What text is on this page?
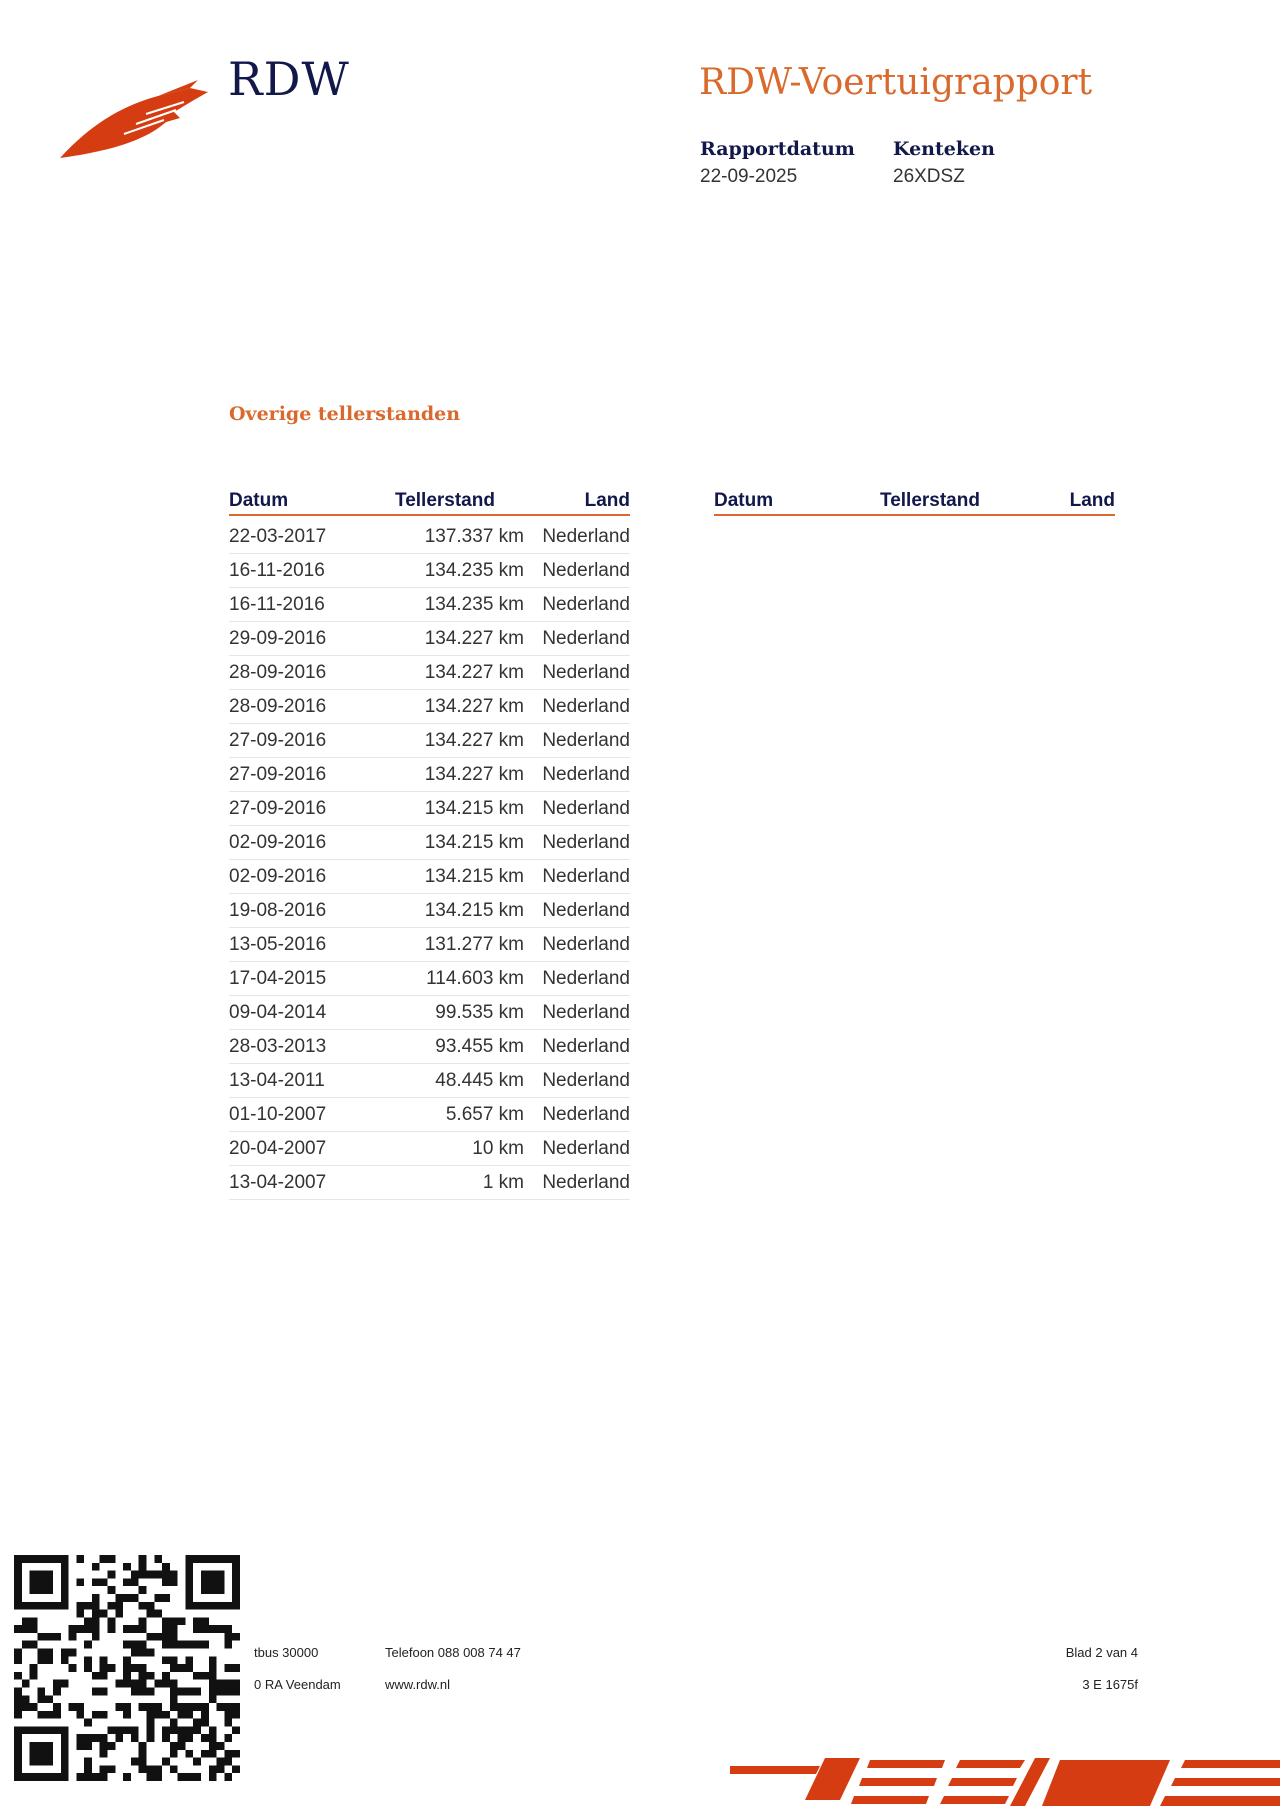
RDW	RDW-Voertuigrapport
Rapportdatum
22-09-2025
Kenteken
26XDSZ
Overige tellerstanden
Datum	Tellerstand	Land
22-03-2017	137.337 km Nederland
16-11-2016	134.235 km Nederland
16-11-2016	134.235 km Nederland
29-09-2016	134.227 km Nederland
28-09-2016	134.227 km Nederland
28-09-2016	134.227 km Nederland
27-09-2016	134.227 km Nederland
27-09-2016	134.227 km Nederland
27-09-2016	134.215 km Nederland
02-09-2016	134.215 km Nederland
02-09-2016	134.215 km Nederland
19-08-2016	134.215 km Nederland
13-05-2016	131.277 km Nederland
17-04-2015	114.603 km Nederland
09-04-2014	99.535 km Nederland
28-03-2013	93.455 km Nederland
13-04-2011	48.445 km Nederland
01-10-2007	5.657 km Nederland
20-04-2007	10 km Nederland
13-04-2007	1 km Nederland
Datum	Tellerstand	Land
tbus 30000
0 RA Veendam
Telefoon 088 008 74 47
www.rdw.nl
Blad 2 van 4
3 E 1675f
